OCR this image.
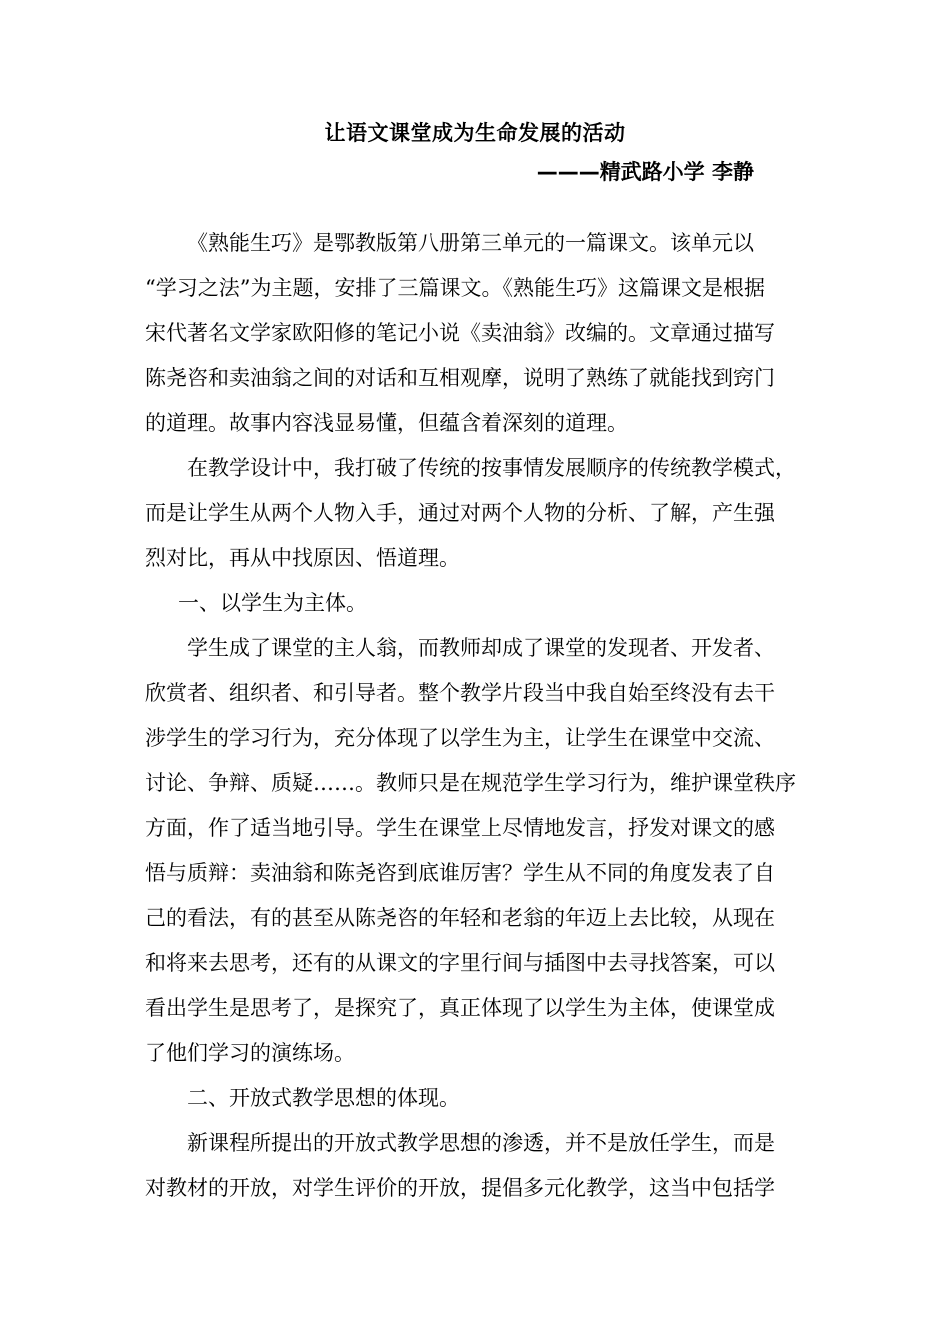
让语文课堂成为生命发展的活动
———精武路小学 李静
《熟能生巧》是鄂教版第八册第三单元的一篇课文。该单元以
“学习之法”为主题，安排了三篇课文。《熟能生巧》这篇课文是根据
宋代著名文学家欧阳修的笔记小说《卖油翁》改编的。文章通过描写
陈尧咨和卖油翁之间的对话和互相观摩，说明了熟练了就能找到窍门
的道理。故事内容浅显易懂，但蕴含着深刻的道理。
在教学设计中，我打破了传统的按事情发展顺序的传统教学模式，
而是让学生从两个人物入手，通过对两个人物的分析、了解，产生强
烈对比，再从中找原因、悟道理。
一、以学生为主体。
学生成了课堂的主人翁，而教师却成了课堂的发现者、开发者、
欣赏者、组织者、和引导者。整个教学片段当中我自始至终没有去干
涉学生的学习行为，充分体现了以学生为主，让学生在课堂中交流、
讨论、争辩、质疑……。教师只是在规范学生学习行为，维护课堂秩序
方面，作了适当地引导。学生在课堂上尽情地发言，抒发对课文的感
悟与质辩：卖油翁和陈尧咨到底谁厉害？学生从不同的角度发表了自
己的看法，有的甚至从陈尧咨的年轻和老翁的年迈上去比较，从现在
和将来去思考，还有的从课文的字里行间与插图中去寻找答案，可以
看出学生是思考了，是探究了，真正体现了以学生为主体，使课堂成
了他们学习的演练场。
二、开放式教学思想的体现。
新课程所提出的开放式教学思想的渗透，并不是放任学生，而是
对教材的开放，对学生评价的开放，提倡多元化教学，这当中包括学
